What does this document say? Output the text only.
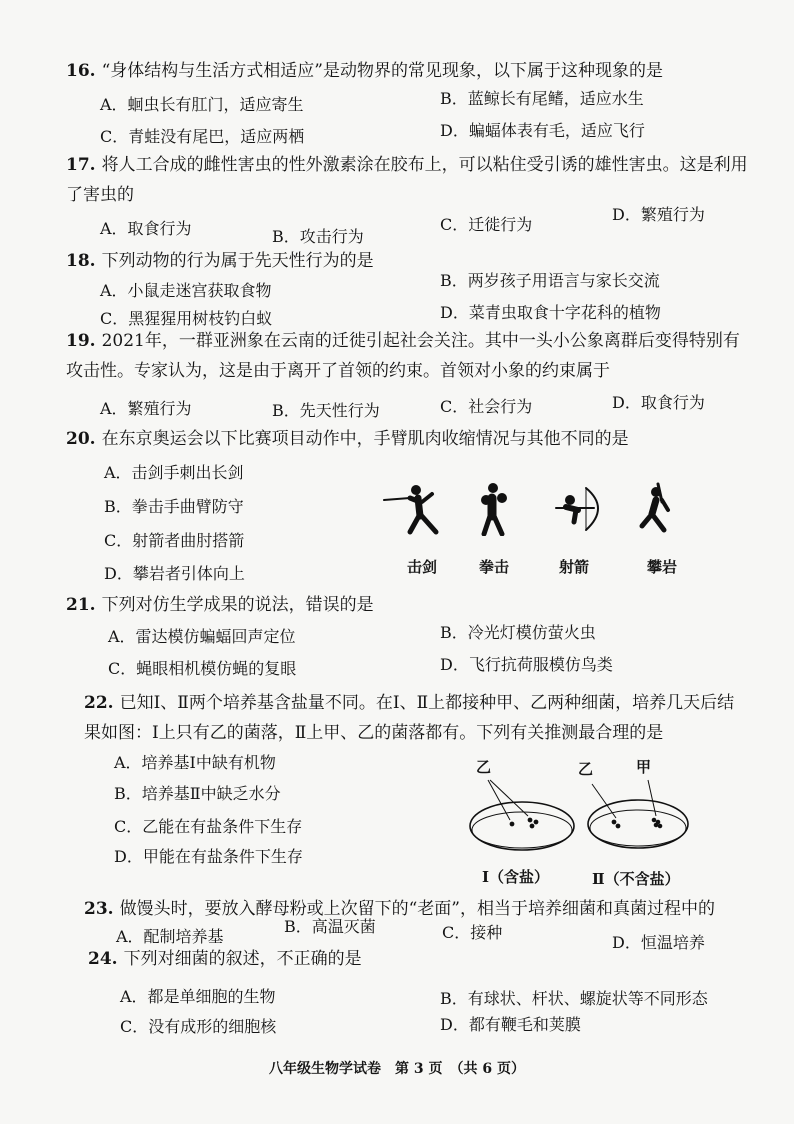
16. “身体结构与生活方式相适应”是动物界的常见现象，以下属于这种现象的是
A．蛔虫长有肛门，适应寄生	B．蓝鲸长有尾鳍，适应水生
C．青蛙没有尾巴，适应两栖	D．蝙蝠体表有毛，适应飞行
17. 将人工合成的雌性害虫的性外激素涂在胶布上，可以粘住受引诱的雄性害虫。这是利用了害虫的
A．取食行为	B．攻击行为
C．迁徙行为
D．繁殖行为
18. 下列动物的行为属于先天性行为的是
A．小鼠走迷宫获取食物
B．两岁孩子用语言与家长交流
C．黑猩猩用树枝钓白蚁	D．菜青虫取食十字花科的植物
19. 2021年，一群亚洲象在云南的迁徙引起社会关注。其中一头小公象离群后变得特别有攻击性。专家认为，这是由于离开了首领的约束。首领对小象的约束属于
A．繁殖行为	B．先天性行为	C．社会行为	D．取食行为
20. 在东京奥运会以下比赛项目动作中，手臂肌肉收缩情况与其他不同的是
A．击剑手刺出长剑
B．拳击手曲臂防守
C．射箭者曲肘搭箭
D．攀岩者引体向上	击剑	拳击	射箭	攀岩
21. 下列对仿生学成果的说法，错误的是
A．雷达模仿蝙蝠回声定位	B．冷光灯模仿萤火虫
C．蝇眼相机模仿蝇的复眼	D．飞行抗荷服模仿鸟类
22. 已知Ⅰ、Ⅱ两个培养基含盐量不同。在Ⅰ、Ⅱ上都接种甲、乙两种细菌，培养几天后结果如图：Ⅰ上只有乙的菌落，Ⅱ上甲、乙的菌落都有。下列有关推测最合理的是
A．培养基Ⅰ中缺有机物
B．培养基Ⅱ中缺乏水分
C．乙能在有盐条件下生存
D．甲能在有盐条件下生存
乙	乙	甲
Ⅰ（含盐）	Ⅱ（不含盐）
23. 做馒头时，要放入酵母粉或上次留下的“老面”，相当于培养细菌和真菌过程中的
A．配制培养基
B．高温灭菌	C．接种
D．恒温培养
24. 下列对细菌的叙述，不正确的是
A．都是单细胞的生物	B．有球状、杆状、螺旋状等不同形态
C．没有成形的细胞核	D．都有鞭毛和荚膜
八年级生物学试卷　第 3 页　（共 6 页）
